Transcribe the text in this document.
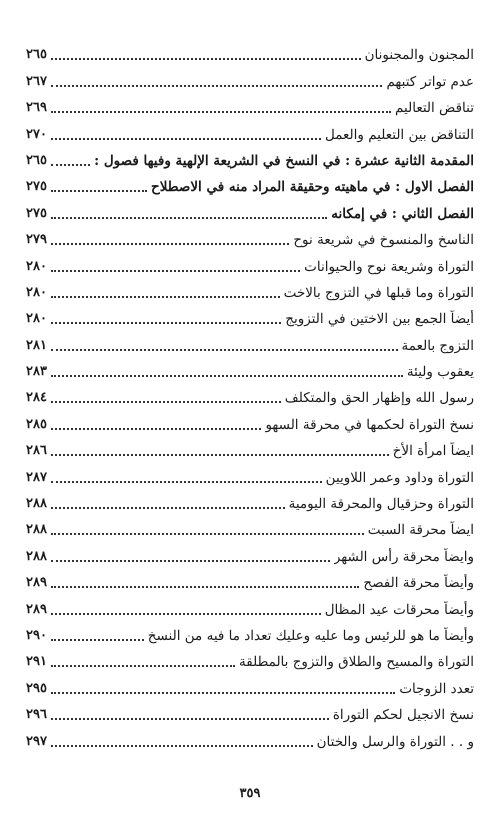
المجنون والمجنونان
٢٦٥
عدم تواتر كتبهم
٢٦٧
تناقض التعاليم
٢٦٩
التناقض بين التعليم والعمل
٢٧٠
المقدمة الثانية عشرة : في النسخ في الشريعة الإلهية وفيها فصول :
٢٦٥
الفصل الاول : في ماهيته وحقيقة المراد منه في الاصطلاح
٢٧٥
الفصل الثاني : في إمكانه
٢٧٥
الناسخ والمنسوخ في شريعة نوح
٢٧٩
التوراة وشريعة نوح والحيوانات
٢٨٠
التوراة وما قبلها في التزوج بالاخت
٢٨٠
أيضاً الجمع بين الاختين في التزويج
٢٨٠
التزوج بالعمة
٢٨١
يعقوب وليئة
٢٨٣
رسول الله وإظهار الحق والمتكلف
٢٨٤
نسخ التوراة لحكمها في محرقة السهو
٢٨٥
ايضاً امرأة الأخ
٢٨٦
التوراة وداود وعمر اللاويين
٢٨٧
التوراة وحزقيال والمحرقة اليومية
٢٨٨
ايضاً محرقة السبت
٢٨٨
وايضاً محرقة رأس الشهر
٢٨٨
وأيضاً محرقة الفصح
٢٨٩
وأيضاً محرقات عيد المظال
٢٨٩
وأيضاً ما هو للرئيس وما عليه وعليك تعداد ما فيه من النسخ
٢٩٠
التوراة والمسيح والطلاق والتزوج بالمطلقة
٢٩١
تعدد الزوجات
٢٩٥
نسخ الانجيل لحكم التوراة
٢٩٦
و . . التوراة والرسل والختان
٢٩٧
٣٥٩
